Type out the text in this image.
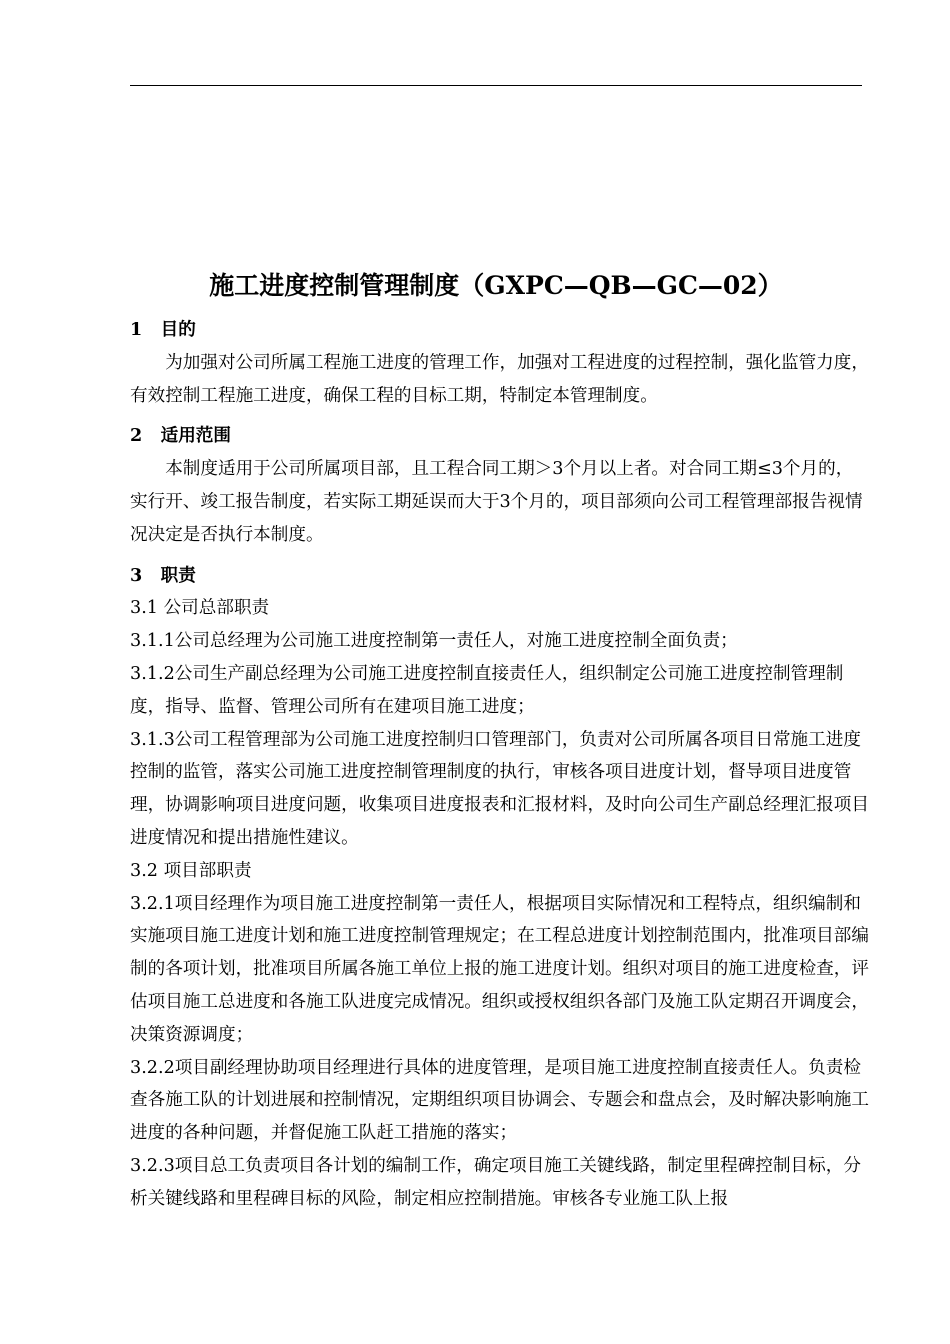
施工进度控制管理制度（GXPC—QB—GC—02）

1   目的

为加强对公司所属工程施工进度的管理工作，加强对工程进度的过程控制，强化监管力度，有效控制工程施工进度，确保工程的目标工期，特制定本管理制度。

2   适用范围

本制度适用于公司所属项目部，且工程合同工期＞3个月以上者。对合同工期≤3个月的，实行开、竣工报告制度，若实际工期延误而大于3个月的，项目部须向公司工程管理部报告视情况决定是否执行本制度。

3   职责

3.1 公司总部职责

3.1.1公司总经理为公司施工进度控制第一责任人，对施工进度控制全面负责；

3.1.2公司生产副总经理为公司施工进度控制直接责任人，组织制定公司施工进度控制管理制度，指导、监督、管理公司所有在建项目施工进度；

3.1.3公司工程管理部为公司施工进度控制归口管理部门，负责对公司所属各项目日常施工进度控制的监管，落实公司施工进度控制管理制度的执行，审核各项目进度计划，督导项目进度管理，协调影响项目进度问题，收集项目进度报表和汇报材料，及时向公司生产副总经理汇报项目进度情况和提出措施性建议。

3.2 项目部职责

3.2.1项目经理作为项目施工进度控制第一责任人，根据项目实际情况和工程特点，组织编制和实施项目施工进度计划和施工进度控制管理规定；在工程总进度计划控制范围内，批准项目部编制的各项计划，批准项目所属各施工单位上报的施工进度计划。组织对项目的施工进度检查，评估项目施工总进度和各施工队进度完成情况。组织或授权组织各部门及施工队定期召开调度会，决策资源调度；

3.2.2项目副经理协助项目经理进行具体的进度管理，是项目施工进度控制直接责任人。负责检查各施工队的计划进展和控制情况，定期组织项目协调会、专题会和盘点会，及时解决影响施工进度的各种问题，并督促施工队赶工措施的落实；

3.2.3项目总工负责项目各计划的编制工作，确定项目施工关键线路，制定里程碑控制目标，分析关键线路和里程碑目标的风险，制定相应控制措施。审核各专业施工队上报
